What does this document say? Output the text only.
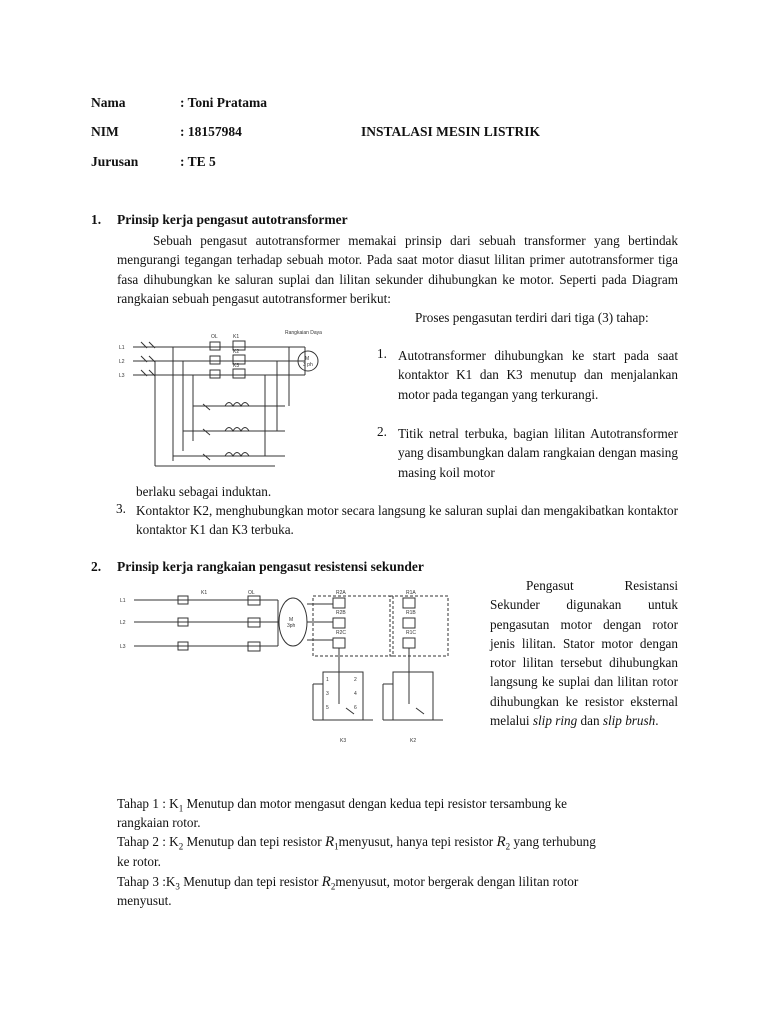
Nama	: Toni Pratama
NIM	: 18157984	INSTALASI MESIN LISTRIK
Jurusan	: TE 5
1. Prinsip kerja pengasut autotransformer
Sebuah pengasut autotransformer memakai prinsip dari sebuah transformer yang bertindak mengurangi tegangan terhadap sebuah motor. Pada saat motor diasut lilitan primer autotransformer tiga fasa dihubungkan ke saluran suplai dan lilitan sekunder dihubungkan ke motor. Seperti pada Diagram rangkaian sebuah pengasut autotransformer berikut:
L1
L2
L3
OL	K1
K2
K3
Rangkaian Daya
M
3 ph
Proses pengasutan terdiri dari tiga (3) tahap:
1. Autotransformer dihubungkan ke start pada saat kontaktor K1 dan K3 menutup dan menjalankan motor pada tegangan yang terkurangi.
2. Titik netral terbuka, bagian lilitan Autotransformer yang disambungkan dalam rangkaian dengan masing masing koil motor
berlaku sebagai induktan.
3. Kontaktor K2, menghubungkan motor secara langsung ke saluran suplai dan mengakibatkan kontaktor kontaktor K1 dan K3 terbuka.
2. Prinsip kerja rangkaian pengasut resistensi sekunder
L1
L2
L3
K1	OL
M
3ph
R2A
R2B
R2C
R1A
R1B
R1C
1	2
3	4
5	6
K3	K2
Pengasut Resistansi Sekunder digunakan untuk pengasutan motor dengan rotor jenis lilitan. Stator motor dengan rotor lilitan tersebut dihubungkan langsung ke suplai dan lilitan rotor dihubungkan ke resistor eksternal melalui slip ring dan slip brush.
Tahap 1 : $K_1$ Menutup dan motor mengasut dengan kedua tepi resistor tersambung ke
rangkaian rotor.
Tahap 2 : $K_2$ Menutup dan tepi resistor $R_1menyusut$, hanya tepi resistor $R_2$ yang terhubung
ke rotor.
Tahap 3 $:K_3$ Menutup dan tepi resistor $R_2menyusut$, motor bergerak dengan lilitan rotor
menyusut.
